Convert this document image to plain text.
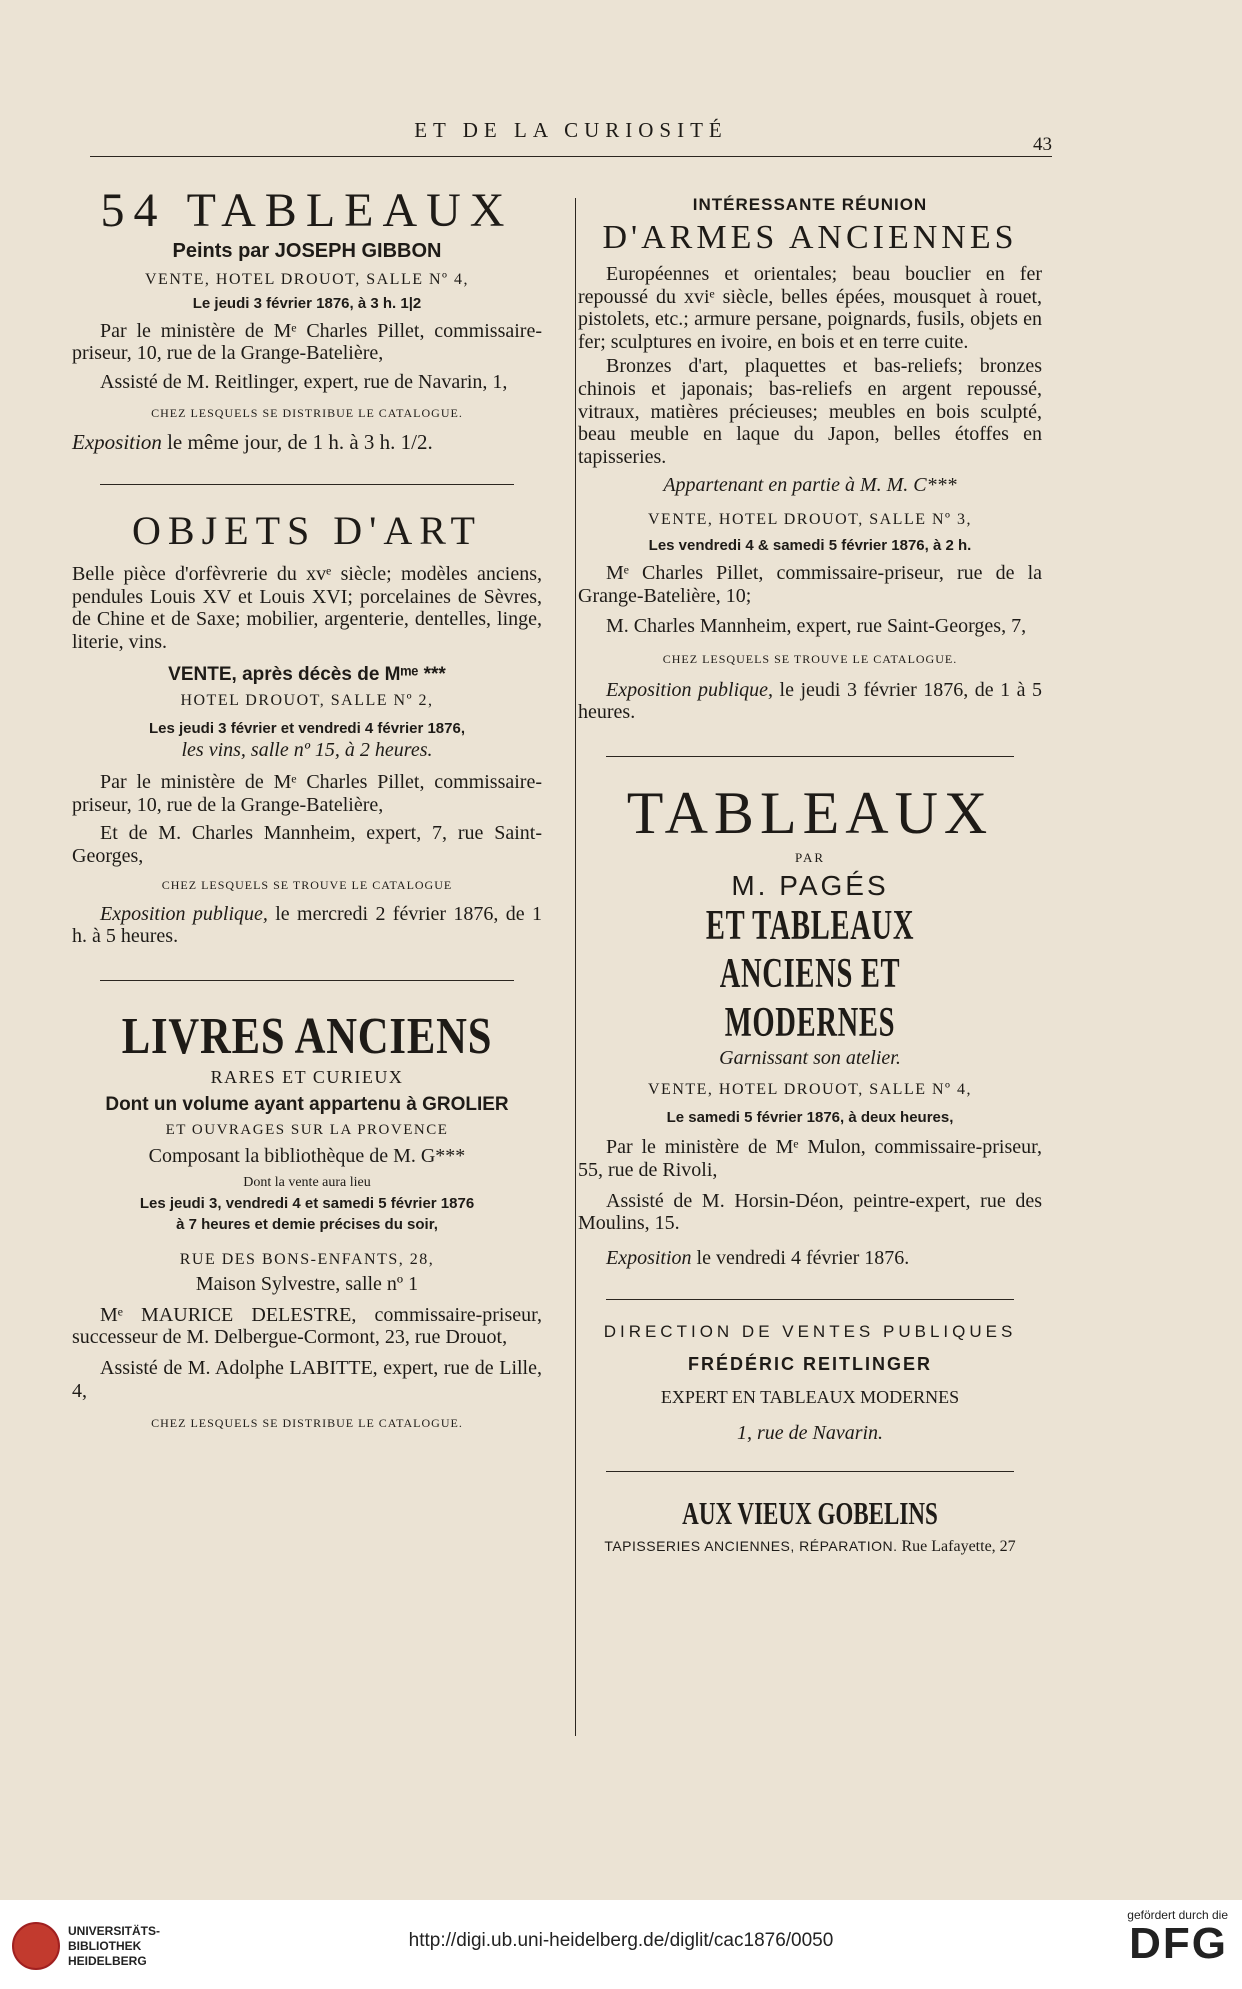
ET DE LA CURIOSITÉ
43
54 TABLEAUX
Peints par JOSEPH GIBBON
VENTE, HOTEL DROUOT, SALLE Nº 4,
Le jeudi 3 février 1876, à 3 h. 1|2

Par le ministère de Mᵉ Charles Pillet, commissaire-priseur, 10, rue de la Grange-Batelière,

Assisté de M. Reitlinger, expert, rue de Navarin, 1,

CHEZ LESQUELS SE DISTRIBUE LE CATALOGUE.

Exposition le même jour, de 1 h. à 3 h. 1/2.

OBJETS D'ART

Belle pièce d'orfèvrerie du xvᵉ siècle; modèles anciens, pendules Louis XV et Louis XVI; porcelaines de Sèvres, de Chine et de Saxe; mobilier, argenterie, dentelles, linge, literie, vins.

VENTE, après décès de Mᵐᵉ ***
HOTEL DROUOT, SALLE Nº 2,
Les jeudi 3 février et vendredi 4 février 1876,
les vins, salle nº 15, à 2 heures.

Par le ministère de Mᵉ Charles Pillet, commissaire-priseur, 10, rue de la Grange-Batelière,

Et de M. Charles Mannheim, expert, 7, rue Saint-Georges,

CHEZ LESQUELS SE TROUVE LE CATALOGUE

Exposition publique, le mercredi 2 février 1876, de 1 h. à 5 heures.

LIVRES ANCIENS
RARES ET CURIEUX
Dont un volume ayant appartenu à GROLIER
ET OUVRAGES SUR LA PROVENCE
Composant la bibliothèque de M. G***
Dont la vente aura lieu
Les jeudi 3, vendredi 4 et samedi 5 février 1876
à 7 heures et demie précises du soir,
RUE DES BONS-ENFANTS, 28,
Maison Sylvestre, salle nº 1

Mᵉ MAURICE DELESTRE, commissaire-priseur, successeur de M. Delbergue-Cormont, 23, rue Drouot,

Assisté de M. Adolphe LABITTE, expert, rue de Lille, 4,

CHEZ LESQUELS SE DISTRIBUE LE CATALOGUE.
INTÉRESSANTE RÉUNION
D'ARMES ANCIENNES

Européennes et orientales; beau bouclier en fer repoussé du xviᵉ siècle, belles épées, mousquet à rouet, pistolets, etc.; armure persane, poignards, fusils, objets en fer; sculptures en ivoire, en bois et en terre cuite.

Bronzes d'art, plaquettes et bas-reliefs; bronzes chinois et japonais; bas-reliefs en argent repoussé, vitraux, matières précieuses; meubles en bois sculpté, beau meuble en laque du Japon, belles étoffes en tapisseries.

Appartenant en partie à M. M. C***
VENTE, HOTEL DROUOT, SALLE Nº 3,
Les vendredi 4 & samedi 5 février 1876, à 2 h.

Mᵉ Charles Pillet, commissaire-priseur, rue de la Grange-Batelière, 10;

M. Charles Mannheim, expert, rue Saint-Georges, 7,

CHEZ LESQUELS SE TROUVE LE CATALOGUE.

Exposition publique, le jeudi 3 février 1876, de 1 à 5 heures.

TABLEAUX
PAR
M. PAGÉS
ET TABLEAUX ANCIENS ET MODERNES
Garnissant son atelier.
VENTE, HOTEL DROUOT, SALLE Nº 4,
Le samedi 5 février 1876, à deux heures,

Par le ministère de Mᵉ Mulon, commissaire-priseur, 55, rue de Rivoli,

Assisté de M. Horsin-Déon, peintre-expert, rue des Moulins, 15.

Exposition le vendredi 4 février 1876.

DIRECTION DE VENTES PUBLIQUES
FRÉDÉRIC REITLINGER
EXPERT EN TABLEAUX MODERNES
1, rue de Navarin.
AUX VIEUX GOBELINS
TAPISSERIES ANCIENNES, RÉPARATION. Rue Lafayette, 27
UNIVERSITÄTS-
BIBLIOTHEK
HEIDELBERG
http://digi.ub.uni-heidelberg.de/diglit/cac1876/0050
gefördert durch die
DFG
